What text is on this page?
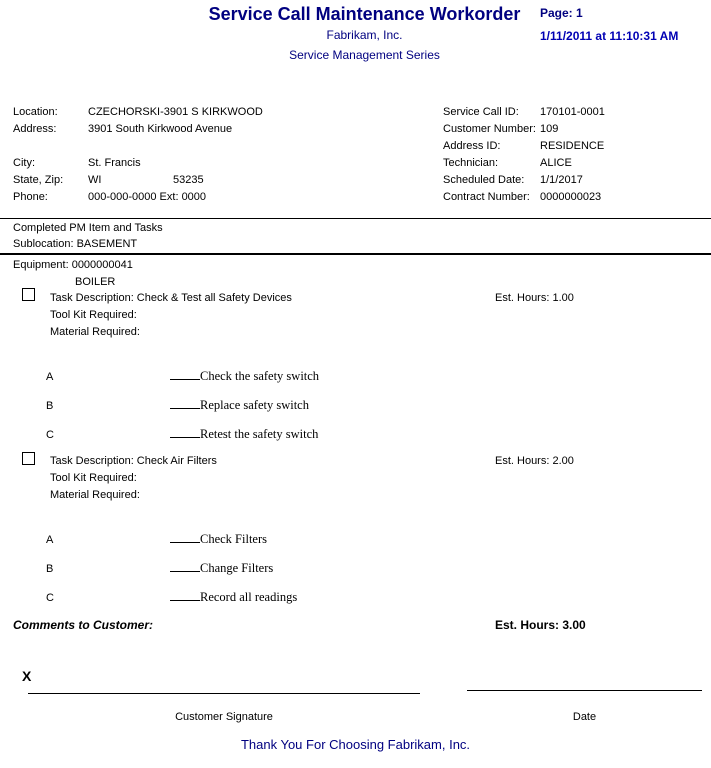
Service Call Maintenance Workorder
Fabrikam, Inc.
Service Management Series
Page: 1
1/11/2011 at 11:10:31 AM
Location:	CZECHORSKI-3901 S KIRKWOOD
Address:	3901 South Kirkwood Avenue
City:	St. Francis
State, Zip: WI	53235
Phone:	000-000-0000 Ext: 0000
Service Call ID: 170101-0001
Customer Number: 109
Address ID:	RESIDENCE
Technician:	ALICE
Scheduled Date: 1/1/2017
Contract Number: 0000000023
Completed PM Item and Tasks
Sublocation: BASEMENT
Equipment: 0000000041
BOILER
Task Description: Check & Test all Safety Devices	Est. Hours: 1.00
Tool Kit Required:
Material Required:
A	Check the safety switch
B	Replace safety switch
C	Retest the safety switch
Task Description: Check Air Filters	Est. Hours: 2.00
Tool Kit Required:
Material Required:
A	Check Filters
B	Change Filters
C	Record all readings
Comments to Customer:	Est. Hours: 3.00
X
Customer Signature	Date
Thank You For Choosing Fabrikam, Inc.
